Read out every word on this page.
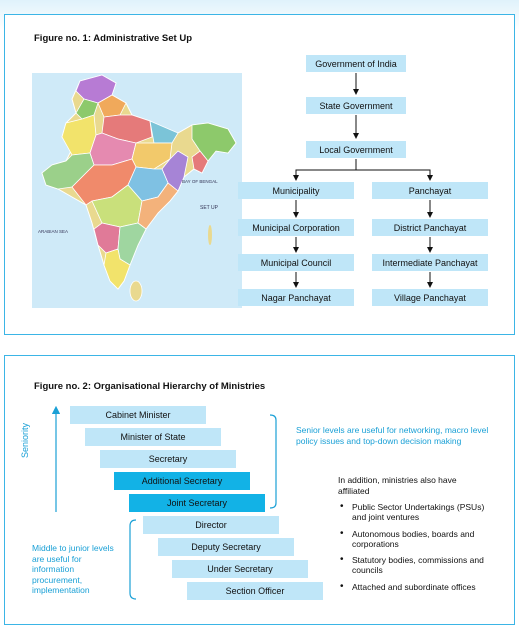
Figure no. 1: Administrative Set Up
BAY OF BENGAL
ARABIAN SEA
SET UP
Government of India
State Government
Local Government
Municipality
Municipal Corporation
Municipal Council
Nagar Panchayat
Panchayat
District Panchayat
Intermediate Panchayat
Village Panchayat
Figure no. 2: Organisational Hierarchy of Ministries
Seniority
Cabinet Minister
Minister of State
Secretary
Additional Secretary
Joint Secretary
Director
Deputy Secretary
Under Secretary
Section Officer
Senior levels are useful for networking, macro level policy issues and top-down decision making
Middle to junior levels are useful for information procurement, implementation
In addition, ministries also have affiliated
• Public Sector Undertakings (PSUs) and joint ventures
• Autonomous bodies, boards and corporations
• Statutory bodies, commissions and councils
• Attached and subordinate offices
